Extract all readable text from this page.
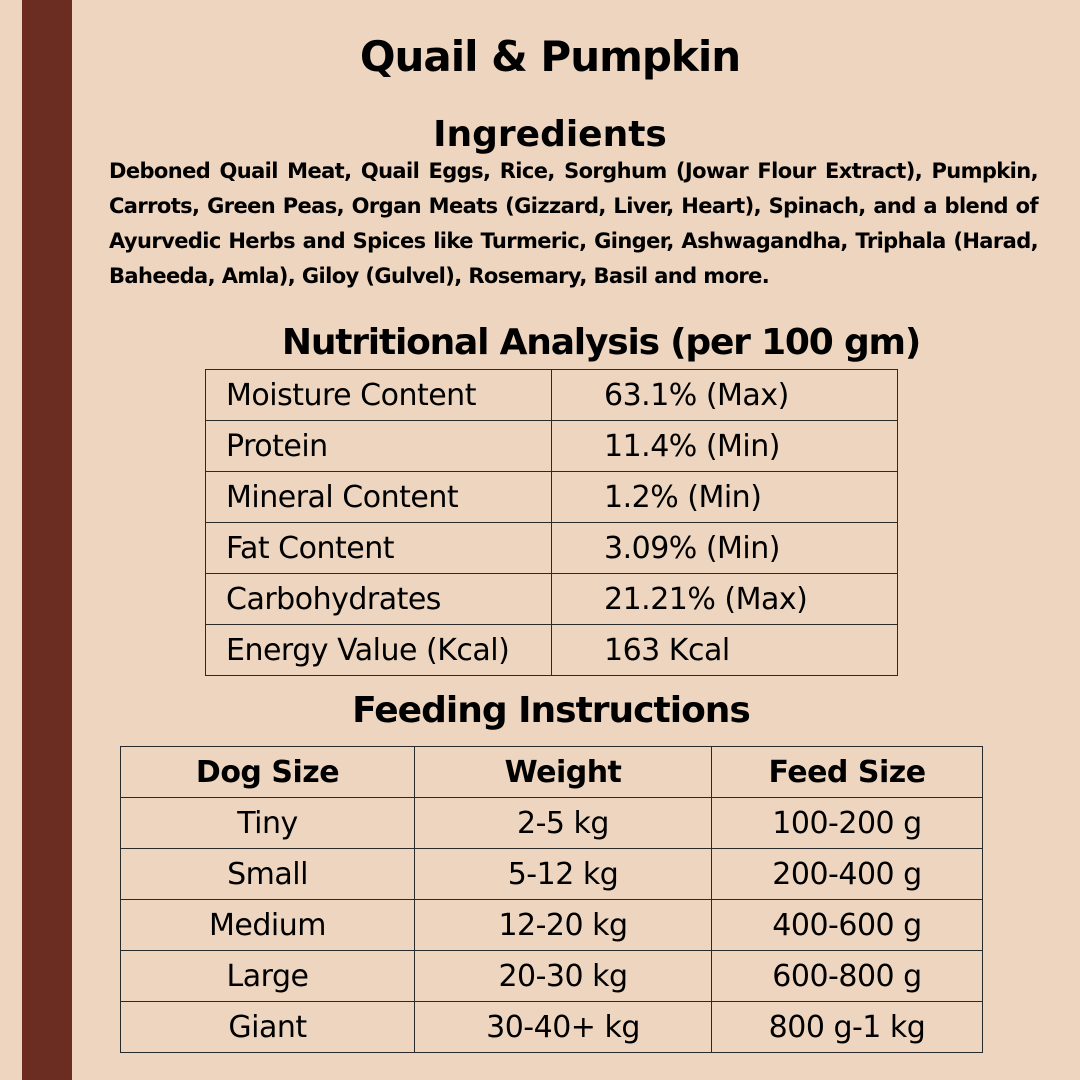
Quail & Pumpkin
Ingredients

Deboned Quail Meat, Quail Eggs, Rice, Sorghum (Jowar Flour Extract), Pumpkin, Carrots, Green Peas, Organ Meats (Gizzard, Liver, Heart), Spinach, and a blend of Ayurvedic Herbs and Spices like Turmeric, Ginger, Ashwagandha, Triphala (Harad, Baheeda, Amla), Giloy (Gulvel), Rosemary, Basil and more.

Nutritional Analysis (per 100 gm)
Moisture Content	63.1% (Max)
Protein	11.4% (Min)
Mineral Content	1.2% (Min)
Fat Content	3.09% (Min)
Carbohydrates	21.21% (Max)
Energy Value (Kcal)	163 Kcal
Feeding Instructions
Dog Size	Weight	Feed Size
Tiny	2-5 kg	100-200 g
Small	5-12 kg	200-400 g
Medium	12-20 kg	400-600 g
Large	20-30 kg	600-800 g
Giant	30-40+ kg	800 g-1 kg
